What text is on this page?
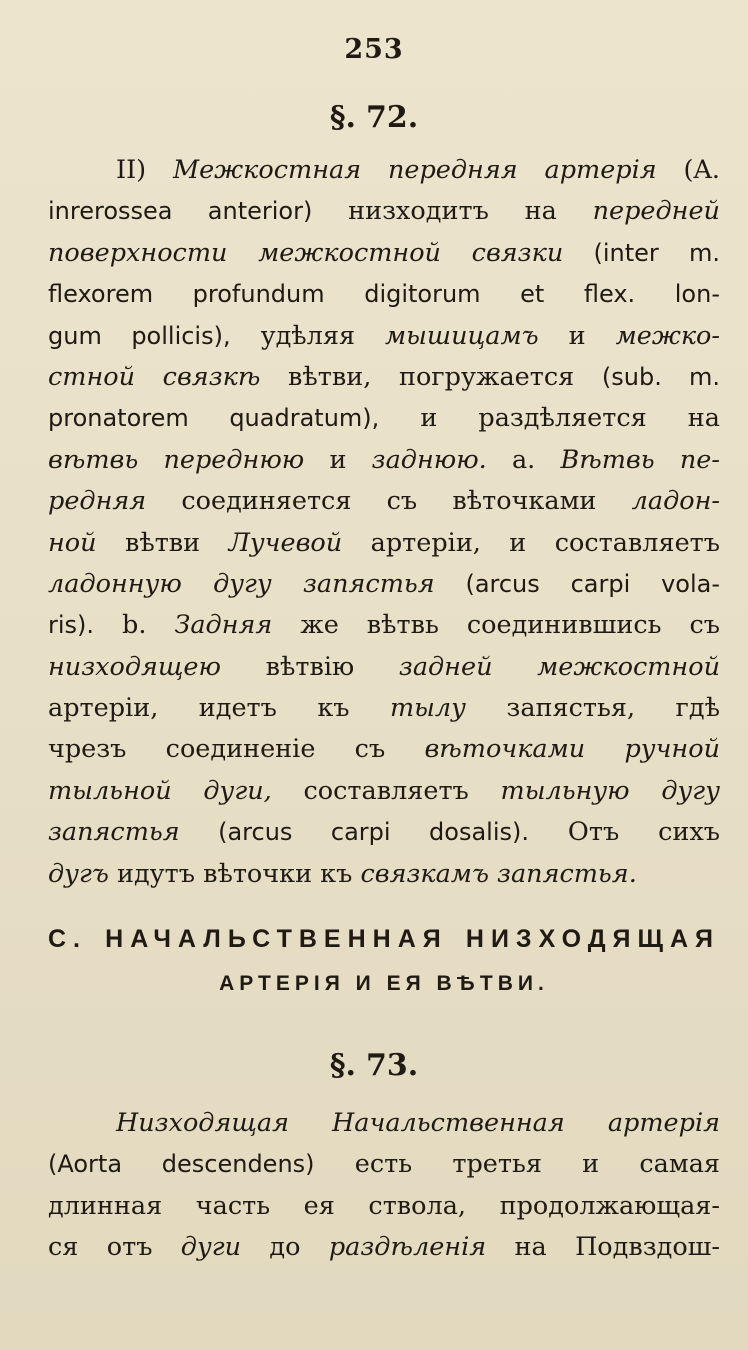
253
§. 72.
II) Межкостная передняя артерія (A.
inrerossea anterior) низходитъ на передней
поверхности межкостной связки (inter m.
flexorem profundum digitorum et flex. lon-
gum pollicis), удѣляя мышицамъ и межко-
стной связкѣ вѣтви, погружается (sub. m.
pronatorem quadratum), и раздѣляется на
вѣтвь переднюю и заднюю. а. Вѣтвь пе-
редняя соединяется съ вѣточками ладон-
ной вѣтви Лучевой артеріи, и составляетъ
ладонную дугу запястья (arcus carpi vola-
ris). b. Задняя же вѣтвь соединившись съ
низходящею вѣтвію задней межкостной
артеріи, идетъ къ тылу запястья, гдѣ
чрезъ соединеніе съ вѣточками ручной
тыльной дуги, составляетъ тыльную дугу
запястья (arcus carpi dosalis). Отъ сихъ
дугъ идутъ вѣточки къ связкамъ запястья.
С. НАЧАЛЬСТВЕННАЯ НИЗХОДЯЩАЯ
АРТЕРІЯ И ЕЯ ВѢТВИ.
§. 73.
Низходящая Начальственная артерія
(Aorta descendens) есть третья и самая
длинная часть ея ствола, продолжающая-
ся отъ дуги до раздѣленія на Подвздош-
